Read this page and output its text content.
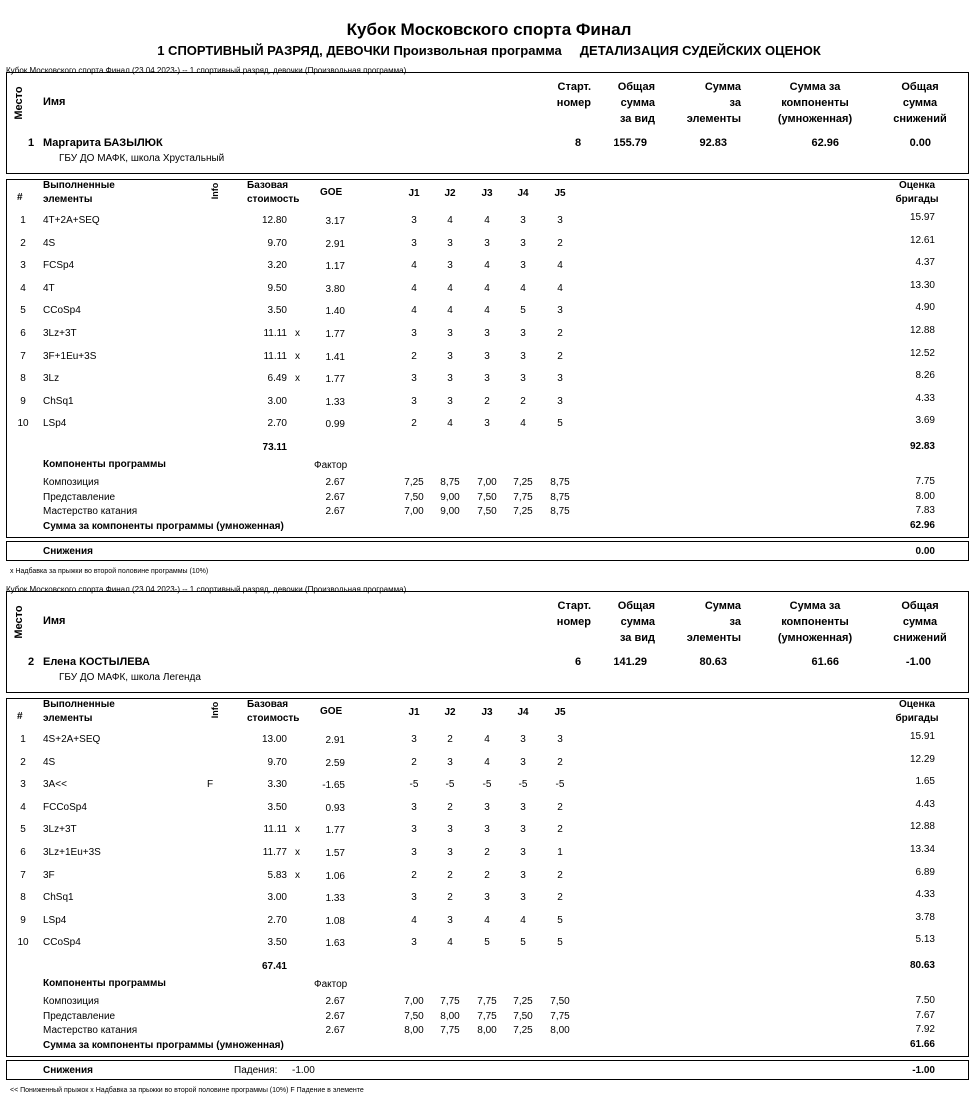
Кубок Московского спорта Финал
1 СПОРТИВНЫЙ РАЗРЯД, ДЕВОЧКИ Произвольная программа ДЕТАЛИЗАЦИЯ СУДЕЙСКИХ ОЦЕНОК
Кубок Московского спорта Финал (23.04.2023-) -- 1 спортивный разряд, девочки (Произвольная программа)
Место Имя
Старт.
номер
Общая
сумма
за вид
Сумма
за
элементы
Сумма за
компоненты
(умноженная)
Общая
сумма
снижений
1 Маргарита БАЗЫЛЮК
ГБУ ДО МАФК, школа Хрустальный
8	155.79	92.83	62.96	0.00
#
Выполненные
элементы
Info	Базовая
стоимость
GOE	J1	J2	J3	J4	J5
Оценка
бригады
1	4T+2A+SEQ	12.80	3.17	3	4	4	3	3	15.97
2	4S	9.70	2.91	3	3	3	3	2	12.61
3	FCSp4	3.20	1.17	4	3	4	3	4	4.37
4	4T	9.50	3.80	4	4	4	4	4	13.30
5	CCoSp4	3.50	1.40	4	4	4	5	3	4.90
6	3Lz+3T	11.11 x	1.77	3	3	3	3	2	12.88
7	3F+1Eu+3S	11.11 x	1.41	2	3	3	3	2	12.52
8	3Lz	6.49 x	1.77	3	3	3	3	3	8.26
9	ChSq1	3.00	1.33	3	3	2	2	3	4.33
10	LSp4	2.70	0.99	2	4	3	4	5	3.69
73.11	92.83
Компоненты программы	Фактор
Композиция	2.67	7,25	8,75	7,00	7,25	8,75	7.75
Представление	2.67	7,50	9,00	7,50	7,75	8,75	8.00
Мастерство катания	2.67	7,00	9,00	7,50	7,25	8,75	7.83
Сумма за компоненты программы (умноженная)	62.96
Снижения	0.00
x Надбавка за прыжки во второй половине программы (10%)
Кубок Московского спорта Финал (23.04.2023-) -- 1 спортивный разряд, девочки (Произвольная программа)
Место Имя
Старт.
номер
Общая
сумма
за вид
Сумма
за
элементы
Сумма за
компоненты
(умноженная)
Общая
сумма
снижений
2 Елена КОСТЫЛЕВА
ГБУ ДО МАФК, школа Легенда
6	141.29	80.63	61.66	-1.00
#
Выполненные
элементы
Info	Базовая
стоимость
GOE	J1	J2	J3	J4	J5
Оценка
бригады
1	4S+2A+SEQ	13.00	2.91	3	2	4	3	3	15.91
2	4S	9.70	2.59	2	3	4	3	2	12.29
3	3A<<	F	3.30	-1.65	-5	-5	-5	-5	-5	1.65
4	FCCoSp4	3.50	0.93	3	2	3	3	2	4.43
5	3Lz+3T	11.11 x	1.77	3	3	3	3	2	12.88
6	3Lz+1Eu+3S	11.77 x	1.57	3	3	2	3	1	13.34
7	3F	5.83 x	1.06	2	2	2	3	2	6.89
8	ChSq1	3.00	1.33	3	2	3	3	2	4.33
9	LSp4	2.70	1.08	4	3	4	4	5	3.78
10	CCoSp4	3.50	1.63	3	4	5	5	5	5.13
67.41	80.63
Компоненты программы	Фактор
Композиция	2.67	7,00	7,75	7,75	7,25	7,50	7.50
Представление	2.67	7,50	8,00	7,75	7,50	7,75	7.67
Мастерство катания	2.67	8,00	7,75	8,00	7,25	8,00	7.92
Сумма за компоненты программы (умноженная)	61.66
Снижения	Падения: -1.00	-1.00
<< Пониженный прыжок x Надбавка за прыжки во второй половине программы (10%) F Падение в элементе
